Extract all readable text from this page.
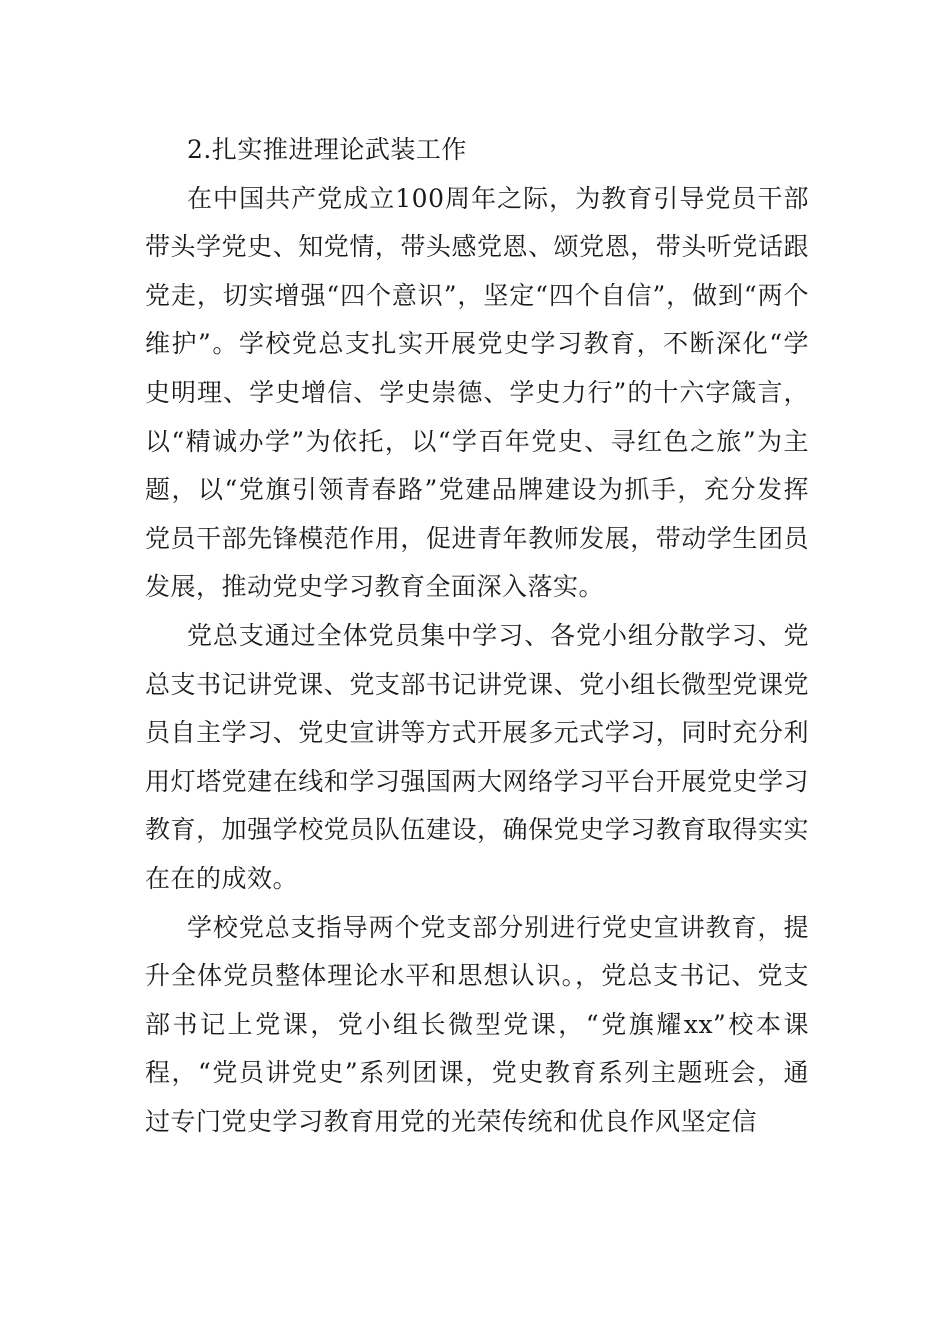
2.扎实推进理论武装工作

在中国共产党成立100周年之际，为教育引导党员干部带头学党史、知党情，带头感党恩、颂党恩，带头听党话跟党走，切实增强“四个意识”，坚定“四个自信”，做到“两个维护”。学校党总支扎实开展党史学习教育，不断深化“学史明理、学史增信、学史崇德、学史力行”的十六字箴言，以“精诚办学”为依托，以“学百年党史、寻红色之旅”为主题，以“党旗引领青春路”党建品牌建设为抓手，充分发挥党员干部先锋模范作用，促进青年教师发展，带动学生团员发展，推动党史学习教育全面深入落实。

党总支通过全体党员集中学习、各党小组分散学习、党总支书记讲党课、党支部书记讲党课、党小组长微型党课党员自主学习、党史宣讲等方式开展多元式学习，同时充分利用灯塔党建在线和学习强国两大网络学习平台开展党史学习教育，加强学校党员队伍建设，确保党史学习教育取得实实在在的成效。

学校党总支指导两个党支部分别进行党史宣讲教育，提升全体党员整体理论水平和思想认识。，党总支书记、党支部书记上党课，党小组长微型党课，“党旗耀xx”校本课程，“党员讲党史”系列团课，党史教育系列主题班会，通过专门党史学习教育用党的光荣传统和优良作风坚定信
